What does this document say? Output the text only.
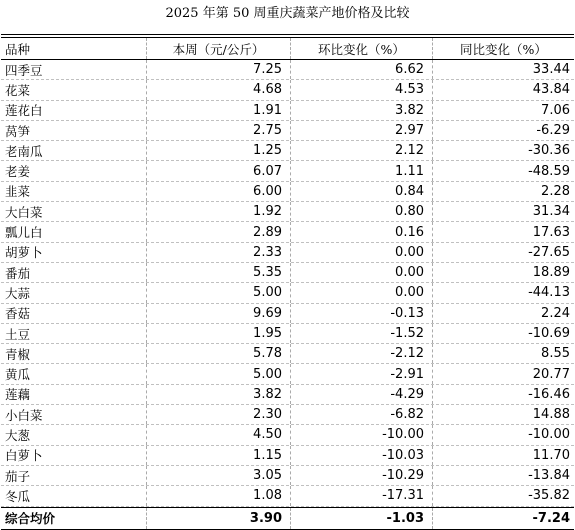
2025 年第 50 周重庆蔬菜产地价格及比较
品种	本周（元/公斤）	环比变化（%）	同比变化（%）
四季豆	7.25	6.62	33.44
花菜	4.68	4.53	43.84
莲花白	1.91	3.82	7.06
莴笋	2.75	2.97	-6.29
老南瓜	1.25	2.12	-30.36
老姜	6.07	1.11	-48.59
韭菜	6.00	0.84	2.28
大白菜	1.92	0.80	31.34
瓢儿白	2.89	0.16	17.63
胡萝卜	2.33	0.00	-27.65
番茄	5.35	0.00	18.89
大蒜	5.00	0.00	-44.13
香菇	9.69	-0.13	2.24
土豆	1.95	-1.52	-10.69
青椒	5.78	-2.12	8.55
黄瓜	5.00	-2.91	20.77
莲藕	3.82	-4.29	-16.46
小白菜	2.30	-6.82	14.88
大葱	4.50	-10.00	-10.00
白萝卜	1.15	-10.03	11.70
茄子	3.05	-10.29	-13.84
冬瓜	1.08	-17.31	-35.82
综合均价	3.90	-1.03	-7.24
